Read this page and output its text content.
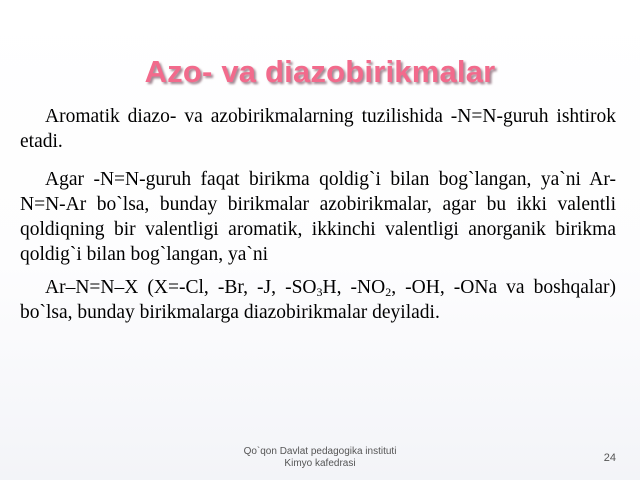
Azo- va diazobirikmalar

Aromatik diazo- va azobirikmalarning tuzilishida -N=N-guruh ishtirok etadi.

Agar -N=N-guruh faqat birikma qoldig`i bilan bog`langan, ya`ni Ar-N=N-Ar bo`lsa, bunday birikmalar azobirikmalar, agar bu ikki valentli qoldiqning bir valentligi aromatik, ikkinchi valentligi anorganik birikma qoldig`i bilan bog`langan, ya`ni

Ar–N=N–X (X=-Cl, -Br, -J, $-SO_3H$, $-NO_2$, -OH, -ONa va boshqalar) bo`lsa, bunday birikmalarga diazobirikmalar deyiladi.

Qo`qon Davlat pedagogika instituti
Kimyo kafedrasi	24
